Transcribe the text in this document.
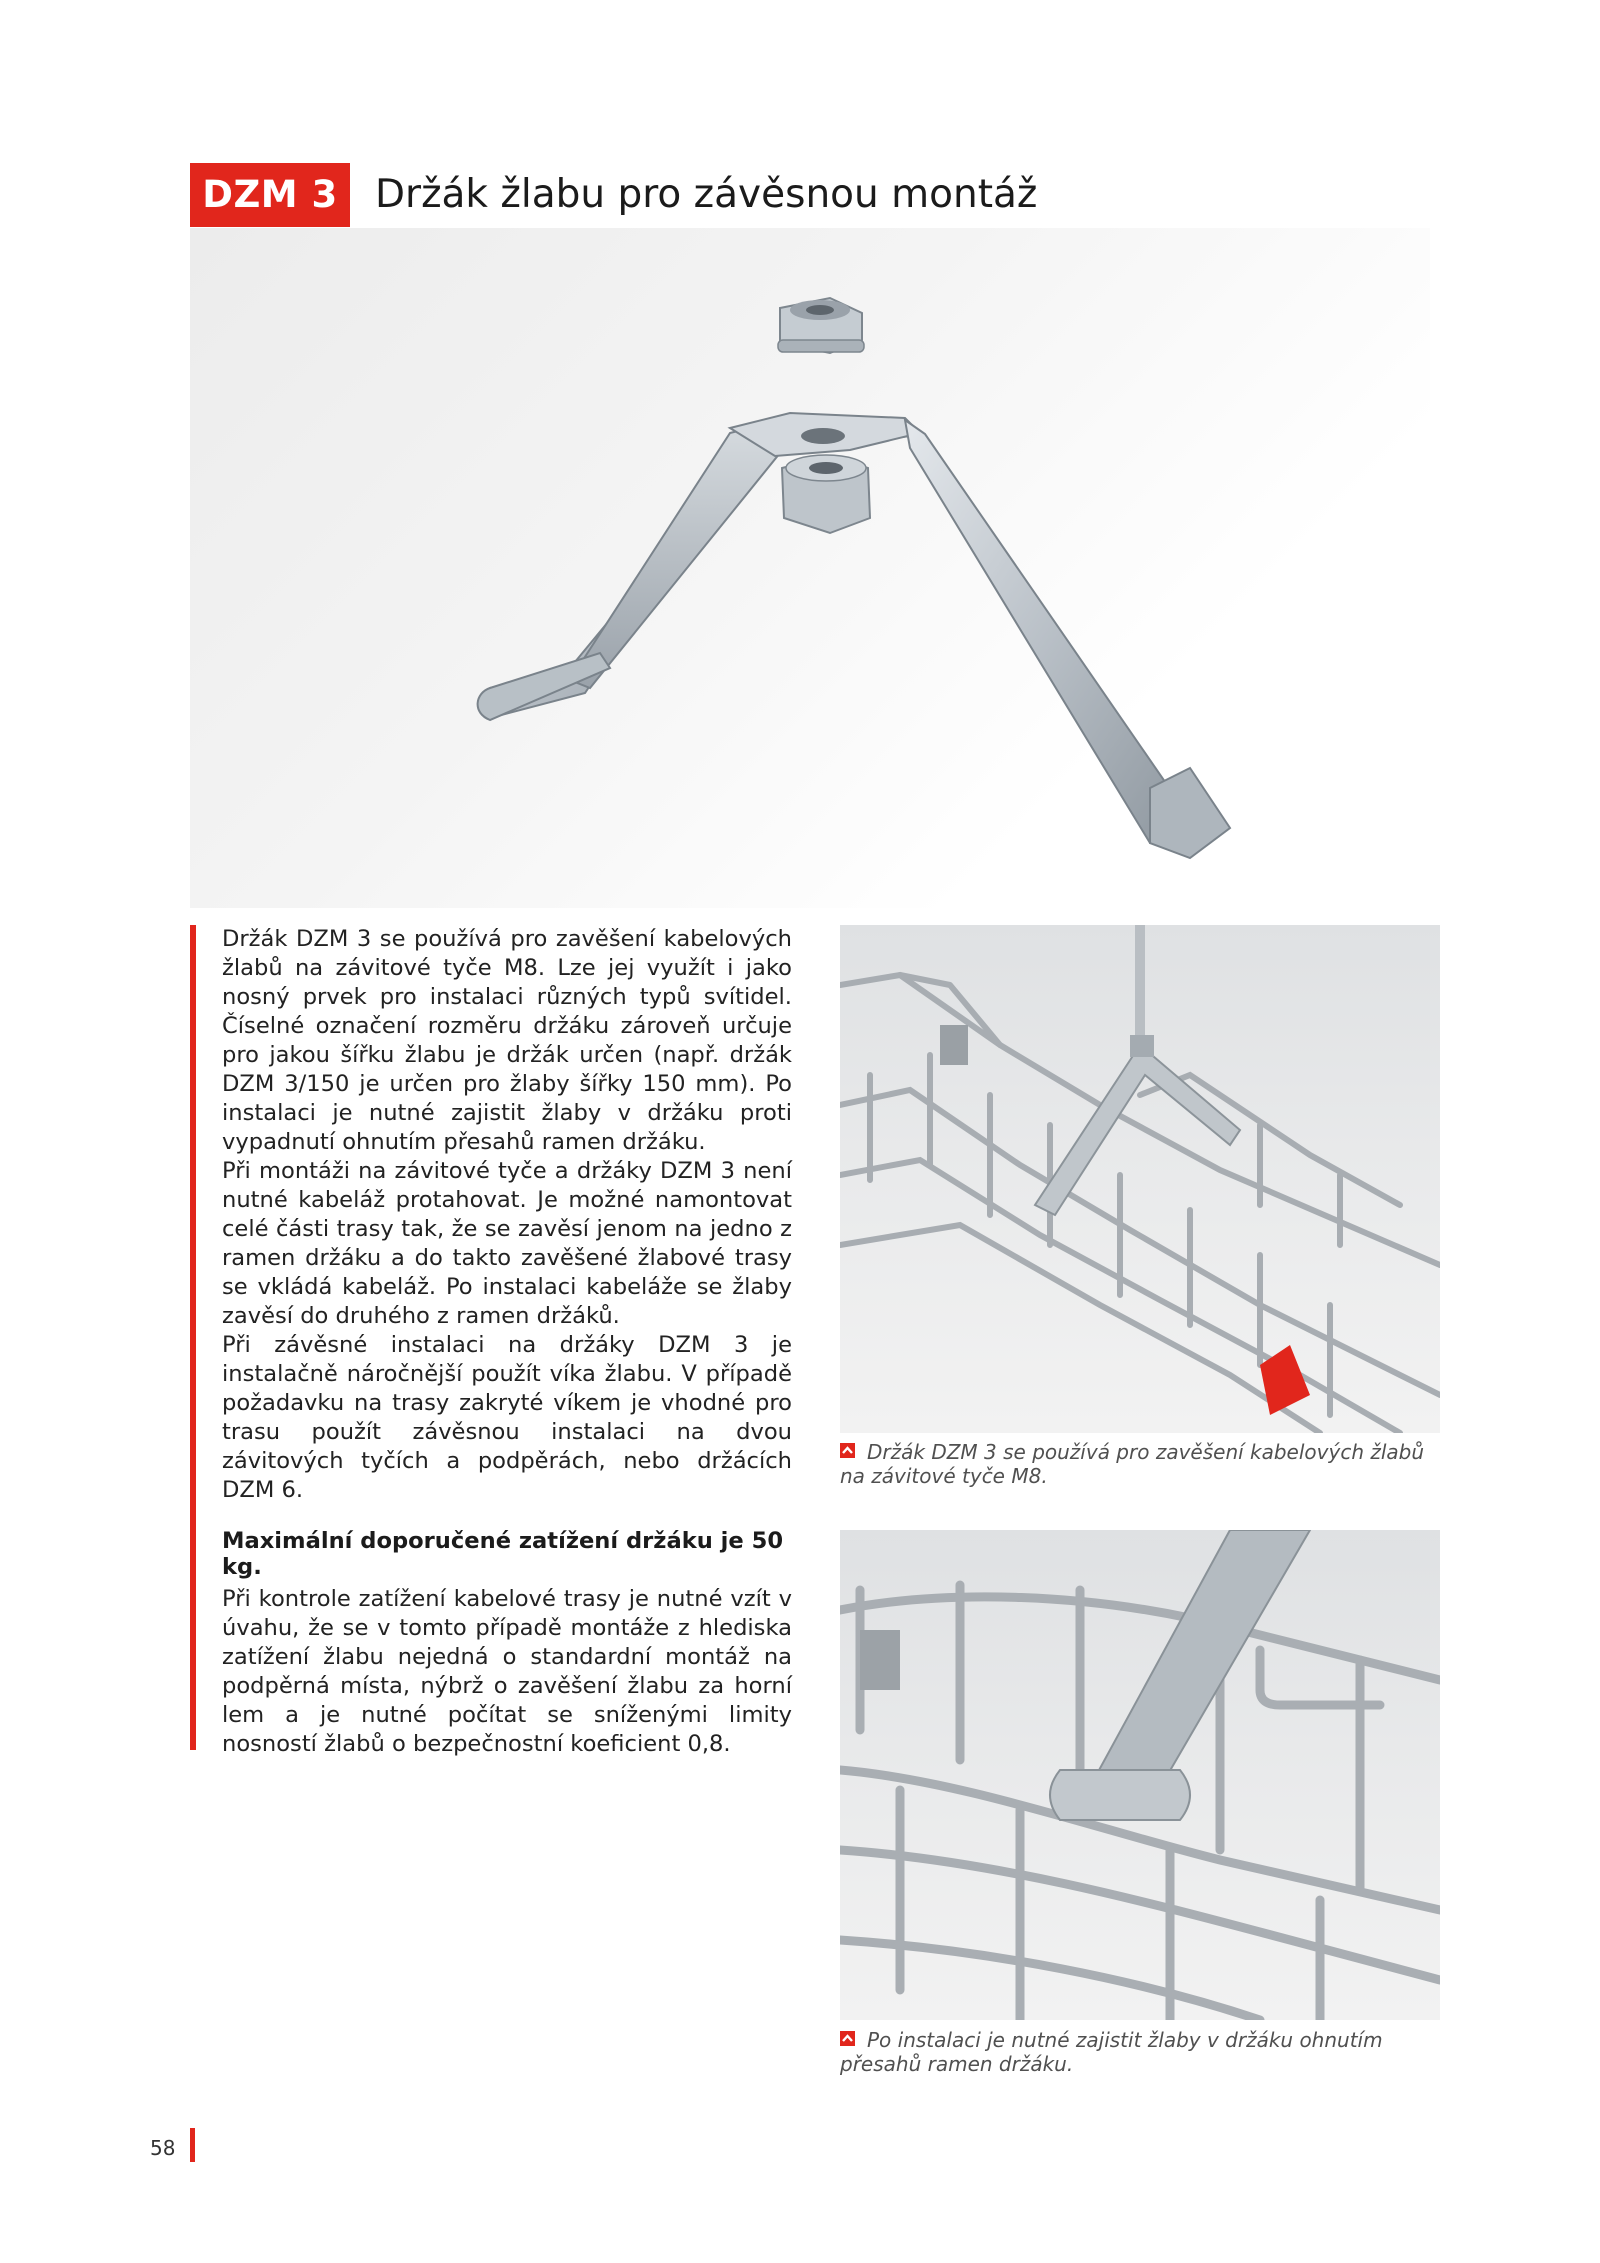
DZM 3 Držák žlabu pro závěsnou montáž

Držák DZM 3 se používá pro zavěšení kabelových žlabů na závitové tyče M8. Lze jej využít i jako nosný prvek pro instalaci různých typů svítidel. Číselné označení rozměru držáku zároveň určuje pro jakou šířku žlabu je držák určen (např. držák DZM 3/150 je určen pro žlaby šířky 150 mm). Po instalaci je nutné zajistit žlaby v držáku proti vypadnutí ohnutím přesahů ramen držáku.

Při montáži na závitové tyče a držáky DZM 3 není nutné kabeláž protahovat. Je možné namontovat celé části trasy tak, že se zavěsí jenom na jedno z ramen držáku a do takto zavěšené žlabové trasy se vkládá kabeláž. Po instalaci kabeláže se žlaby zavěsí do druhého z ramen držáků.

Při závěsné instalaci na držáky DZM 3 je instalačně náročnější použít víka žlabu. V případě požadavku na trasy zakryté víkem je vhodné pro trasu použít závěsnou instalaci na dvou závitových tyčích a podpěrách, nebo držácích DZM 6.

Maximální doporučené zatížení držáku je 50 kg.
Při kontrole zatížení kabelové trasy je nutné vzít v úvahu, že se v tomto případě montáže z hlediska zatížení žlabu nejedná o standardní montáž na podpěrná místa, nýbrž o zavěšení žlabu za horní lem a je nutné počítat se sníženými limity nosností žlabů o bezpečnostní koeficient 0,8.
Držák DZM 3 se používá pro zavěšení kabelových žlabů na závitové tyče M8.
Po instalaci je nutné zajistit žlaby v držáku ohnutím přesahů ramen držáku.
58
